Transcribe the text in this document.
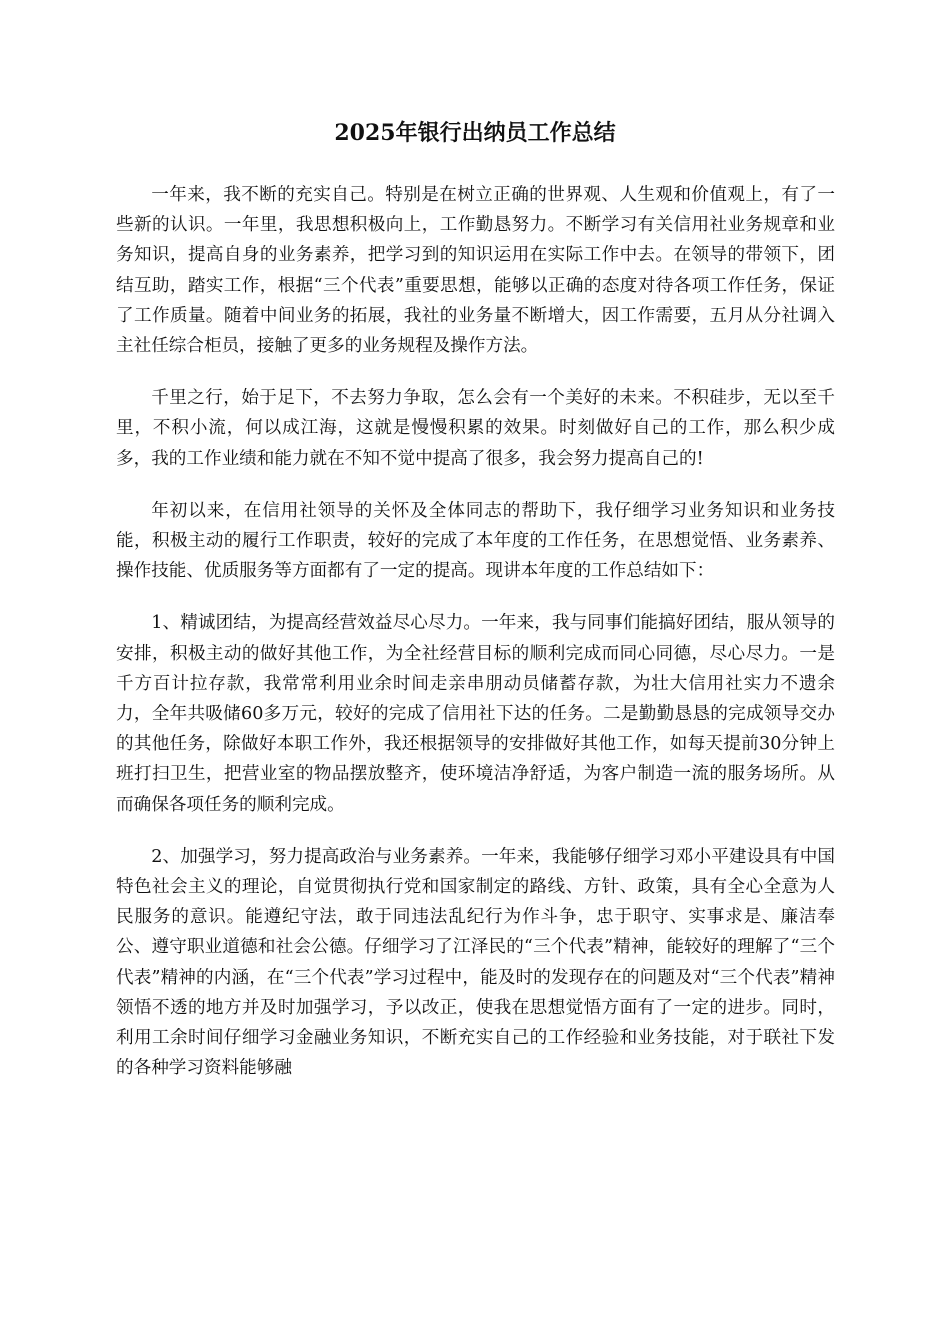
2025年银行出纳员工作总结

一年来，我不断的充实自己。特别是在树立正确的世界观、人生观和价值观上，有了一些新的认识。一年里，我思想积极向上，工作勤恳努力。不断学习有关信用社业务规章和业务知识，提高自身的业务素养，把学习到的知识运用在实际工作中去。在领导的带领下，团结互助，踏实工作，根据“三个代表”重要思想，能够以正确的态度对待各项工作任务，保证了工作质量。随着中间业务的拓展，我社的业务量不断增大，因工作需要，五月从分社调入主社任综合柜员，接触了更多的业务规程及操作方法。

千里之行，始于足下，不去努力争取，怎么会有一个美好的未来。不积硅步，无以至千里，不积小流，何以成江海，这就是慢慢积累的效果。时刻做好自己的工作，那么积少成多，我的工作业绩和能力就在不知不觉中提高了很多，我会努力提高自己的!

年初以来，在信用社领导的关怀及全体同志的帮助下，我仔细学习业务知识和业务技能，积极主动的履行工作职责，较好的完成了本年度的工作任务，在思想觉悟、业务素养、操作技能、优质服务等方面都有了一定的提高。现讲本年度的工作总结如下：

1、精诚团结，为提高经营效益尽心尽力。一年来，我与同事们能搞好团结，服从领导的安排，积极主动的做好其他工作，为全社经营目标的顺利完成而同心同德，尽心尽力。一是千方百计拉存款，我常常利用业余时间走亲串朋动员储蓄存款，为壮大信用社实力不遗余力，全年共吸储60多万元，较好的完成了信用社下达的任务。二是勤勤恳恳的完成领导交办的其他任务，除做好本职工作外，我还根据领导的安排做好其他工作，如每天提前30分钟上班打扫卫生，把营业室的物品摆放整齐，使环境洁净舒适，为客户制造一流的服务场所。从而确保各项任务的顺利完成。

2、加强学习，努力提高政治与业务素养。一年来，我能够仔细学习邓小平建设具有中国特色社会主义的理论，自觉贯彻执行党和国家制定的路线、方针、政策，具有全心全意为人民服务的意识。能遵纪守法，敢于同违法乱纪行为作斗争，忠于职守、实事求是、廉洁奉公、遵守职业道德和社会公德。仔细学习了江泽民的“三个代表”精神，能较好的理解了“三个代表”精神的内涵，在“三个代表”学习过程中，能及时的发现存在的问题及对“三个代表”精神领悟不透的地方并及时加强学习，予以改正，使我在思想觉悟方面有了一定的进步。同时，利用工余时间仔细学习金融业务知识，不断充实自己的工作经验和业务技能，对于联社下发的各种学习资料能够融
